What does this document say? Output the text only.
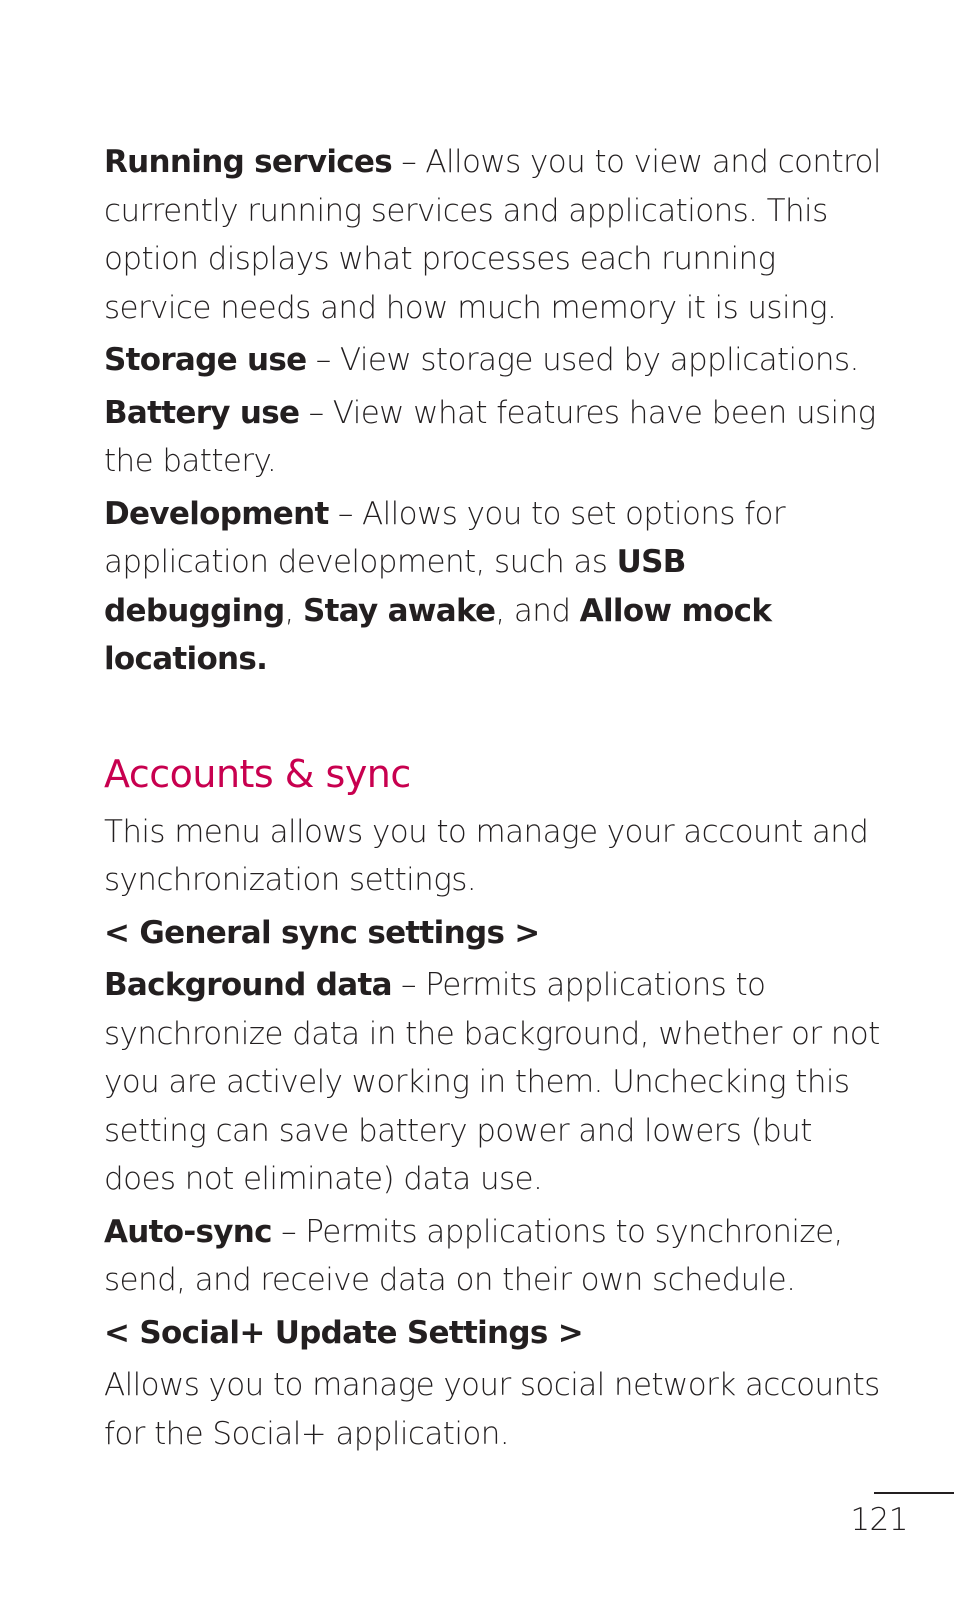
Running services – Allows you to view and control currently running services and applications. This option displays what processes each running service needs and how much memory it is using.

Storage use – View storage used by applications.

Battery use – View what features have been using the battery.

Development – Allows you to set options for application development, such as USB debugging, Stay awake, and Allow mock locations.

Accounts & sync

This menu allows you to manage your account and synchronization settings.

< General sync settings >

Background data – Permits applications to synchronize data in the background, whether or not you are actively working in them. Unchecking this setting can save battery power and lowers (but does not eliminate) data use.

Auto-sync – Permits applications to synchronize, send, and receive data on their own schedule.

< Social+ Update Settings >

Allows you to manage your social network accounts for the Social+ application.

121
